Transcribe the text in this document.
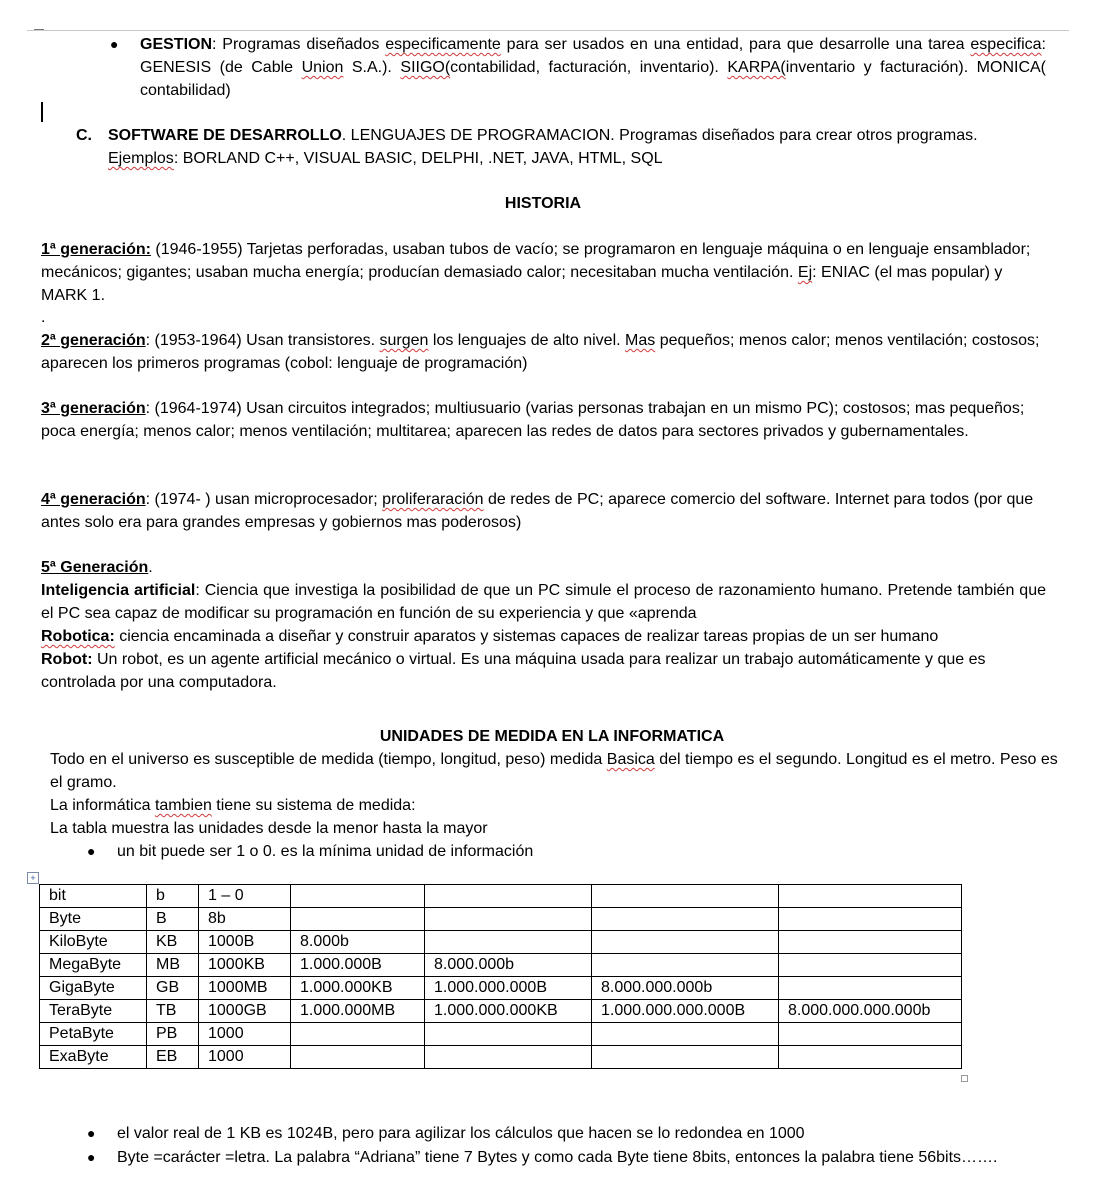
● GESTION: Programas diseñados especificamente para ser usados en una entidad, para que desarrolle una tarea especifica: GENESIS (de Cable Union S.A.). SIIGO(contabilidad, facturación, inventario). KARPA(inventario y facturación). MONICA( contabilidad)
C. SOFTWARE DE DESARROLLO. LENGUAJES DE PROGRAMACION. Programas diseñados para crear otros programas. Ejemplos: BORLAND C++, VISUAL BASIC, DELPHI, .NET, JAVA, HTML, SQL
HISTORIA
1ª generación: (1946-1955) Tarjetas perforadas, usaban tubos de vacío; se programaron en lenguaje máquina o en lenguaje ensamblador; mecánicos; gigantes; usaban mucha energía; producían demasiado calor; necesitaban mucha ventilación. Ej: ENIAC (el mas popular) y MARK 1.
.
2ª generación: (1953-1964) Usan transistores. surgen los lenguajes de alto nivel. Mas pequeños; menos calor; menos ventilación; costosos; aparecen los primeros programas (cobol: lenguaje de programación)
3ª generación: (1964-1974) Usan circuitos integrados; multiusuario (varias personas trabajan en un mismo PC); costosos; mas pequeños; poca energía; menos calor; menos ventilación; multitarea; aparecen las redes de datos para sectores privados y gubernamentales.
4ª generación: (1974- ) usan microprocesador; proliferaración de redes de PC; aparece comercio del software. Internet para todos (por que antes solo era para grandes empresas y gobiernos mas poderosos)
5ª Generación.
Inteligencia artificial: Ciencia que investiga la posibilidad de que un PC simule el proceso de razonamiento humano. Pretende también que el PC sea capaz de modificar su programación en función de su experiencia y que «aprenda
Robotica: ciencia encaminada a diseñar y construir aparatos y sistemas capaces de realizar tareas propias de un ser humano
Robot: Un robot, es un agente artificial mecánico o virtual. Es una máquina usada para realizar un trabajo automáticamente y que es controlada por una computadora.
UNIDADES DE MEDIDA EN LA INFORMATICA
Todo en el universo es susceptible de medida (tiempo, longitud, peso) medida Basica del tiempo es el segundo. Longitud es el metro. Peso es el gramo.
La informática tambien tiene su sistema de medida:
La tabla muestra las unidades desde la menor hasta la mayor
● un bit puede ser 1 o 0. es la mínima unidad de información
+
bit	b	1 – 0				
Byte	B	8b				
KiloByte	KB	1000B	8.000b			
MegaByte	MB	1000KB	1.000.000B	8.000.000b		
GigaByte	GB	1000MB	1.000.000KB	1.000.000.000B	8.000.000.000b	
TeraByte	TB	1000GB	1.000.000MB	1.000.000.000KB	1.000.000.000.000B	8.000.000.000.000b
PetaByte	PB	1000				
ExaByte	EB	1000				
● el valor real de 1 KB es 1024B, pero para agilizar los cálculos que hacen se lo redondea en 1000
● Byte =carácter =letra. La palabra “Adriana” tiene 7 Bytes y como cada Byte tiene 8bits, entonces la palabra tiene 56bits…….
